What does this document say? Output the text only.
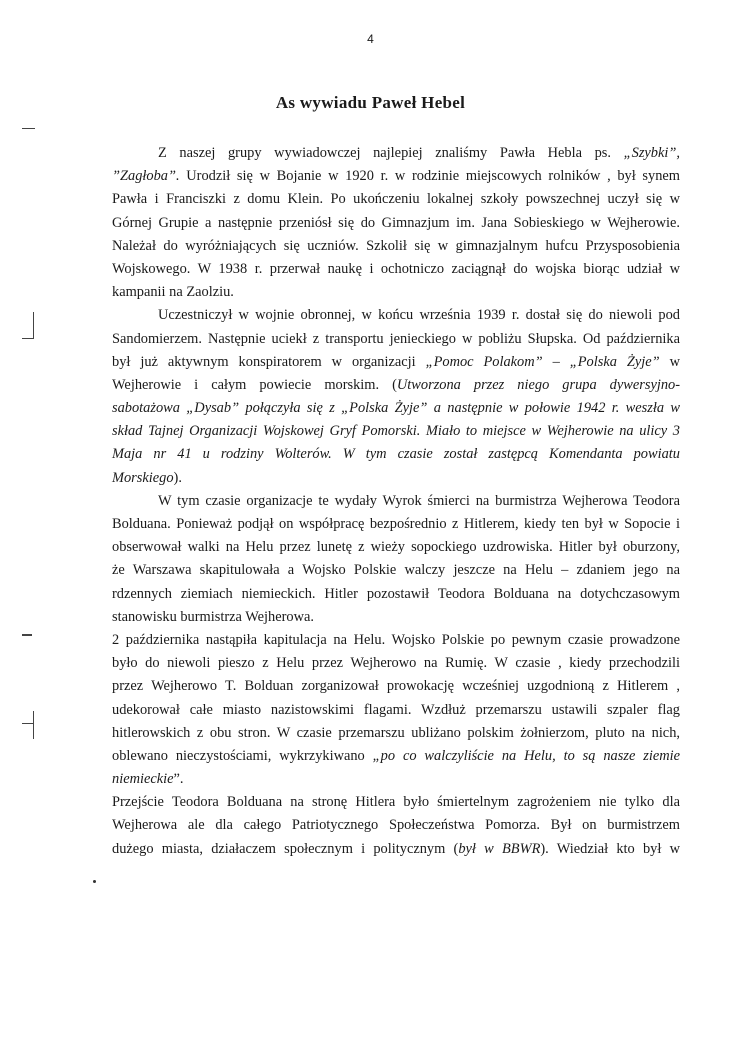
4
As wywiadu Paweł Hebel
Z naszej grupy wywiadowczej najlepiej znaliśmy Pawła Hebla ps. „Szybki”,
”Zagłoba”. Urodził się w Bojanie w 1920 r. w rodzinie miejscowych rolników , był synem
Pawła i Franciszki z domu Klein. Po ukończeniu lokalnej szkoły powszechnej uczył się w
Górnej Grupie a następnie przeniósł się do Gimnazjum im. Jana Sobieskiego w Wejherowie.
Należał do wyróżniających się uczniów. Szkolił się w gimnazjalnym hufcu Przysposobienia
Wojskowego. W 1938 r. przerwał naukę i ochotniczo zaciągnął do wojska biorąc udział w
kampanii na Zaolziu.
Uczestniczył w wojnie obronnej, w końcu września 1939 r. dostał się do niewoli pod
Sandomierzem. Następnie uciekł z transportu jenieckiego w pobliżu Słupska. Od października
był już aktywnym konspiratorem w organizacji „Pomoc Polakom” – „Polska Żyje” w
Wejherowie i całym powiecie morskim. (Utworzona przez niego grupa dywersyjno-
sabotażowa „Dysab” połączyła się z „Polska Żyje” a następnie w połowie 1942 r. weszła w
skład Tajnej Organizacji Wojskowej Gryf Pomorski. Miało to miejsce w Wejherowie na ulicy 3
Maja nr 41 u rodziny Wolterów. W tym czasie został zastępcą Komendanta powiatu
Morskiego).
W tym czasie organizacje te wydały Wyrok śmierci na burmistrza Wejherowa Teodora
Bolduana. Ponieważ podjął on współpracę bezpośrednio z Hitlerem, kiedy ten był w Sopocie i
obserwował walki na Helu przez lunetę z wieży sopockiego uzdrowiska. Hitler był oburzony,
że Warszawa skapitulowała a Wojsko Polskie walczy jeszcze na Helu – zdaniem jego na
rdzennych ziemiach niemieckich. Hitler pozostawił Teodora Bolduana na dotychczasowym
stanowisku burmistrza Wejherowa.
2 października nastąpiła kapitulacja na Helu. Wojsko Polskie po pewnym czasie prowadzone
było do niewoli pieszo z Helu przez Wejherowo na Rumię. W czasie , kiedy przechodzili
przez Wejherowo T. Bolduan zorganizował prowokację wcześniej uzgodnioną z Hitlerem ,
udekorował całe miasto nazistowskimi flagami. Wzdłuż przemarszu ustawili szpaler flag
hitlerowskich z obu stron. W czasie przemarszu ubliżano polskim żołnierzom, pluto na nich,
oblewano nieczystościami, wykrzykiwano „po co walczyliście na Helu, to są nasze ziemie
niemieckie”.
Przejście Teodora Bolduana na stronę Hitlera było śmiertelnym zagrożeniem nie tylko dla
Wejherowa ale dla całego Patriotycznego Społeczeństwa Pomorza. Był on burmistrzem
dużego miasta, działaczem społecznym i politycznym (był w BBWR). Wiedział kto był w
